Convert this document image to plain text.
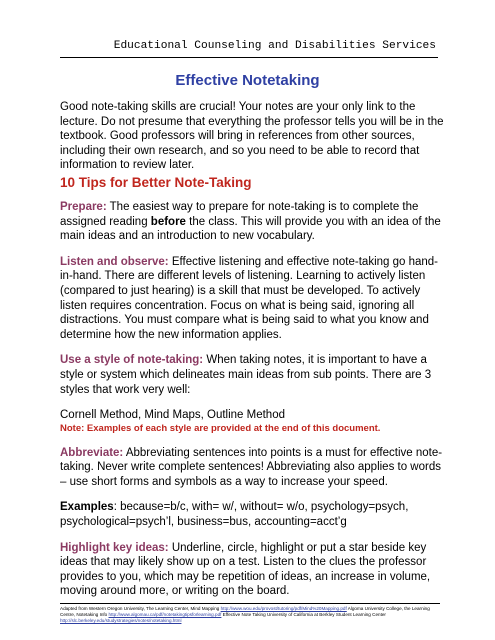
Educational Counseling and Disabilities Services
Effective Notetaking

Good note-taking skills are crucial! Your notes are your only link to the lecture. Do not presume that everything the professor tells you will be in the textbook. Good professors will bring in references from other sources, including their own research, and so you need to be able to record that information to review later.

10 Tips for Better Note-Taking

Prepare: The easiest way to prepare for note-taking is to complete the assigned reading before the class. This will provide you with an idea of the main ideas and an introduction to new vocabulary.

Listen and observe: Effective listening and effective note-taking go hand-in-hand. There are different levels of listening. Learning to actively listen (compared to just hearing) is a skill that must be developed. To actively listen requires concentration. Focus on what is being said, ignoring all distractions. You must compare what is being said to what you know and determine how the new information applies.

Use a style of note-taking: When taking notes, it is important to have a style or system which delineates main ideas from sub points. There are 3 styles that work very well:

Cornell Method, Mind Maps, Outline Method

Note: Examples of each style are provided at the end of this document.

Abbreviate: Abbreviating sentences into points is a must for effective note-taking. Never write complete sentences! Abbreviating also applies to words – use short forms and symbols as a way to increase your speed.

Examples: because=b/c, with= w/, without= w/o, psychology=psych, psychological=psych’l, business=bus, accounting=acct’g

Highlight key ideas: Underline, circle, highlight or put a star beside key ideas that may likely show up on a test. Listen to the clues the professor provides to you, which may be repetition of ideas, an increase in volume, moving around more, or writing on the board.

Adapted from Western Oregon University, The Learning Center, Mind Mapping http://www.wou.edu/provost/tutoring/pdf/Mind%20Mapping.pdf Algoma University College, the Learning Centre, Notetaking Info http://www.algomau.ca/pdf/notetakingtipsforlearning.pdf Effective Note Taking University of California at Berkley Student Learning Center http://slc.berkeley.edu/studystrategies/notes/notetaking.html
